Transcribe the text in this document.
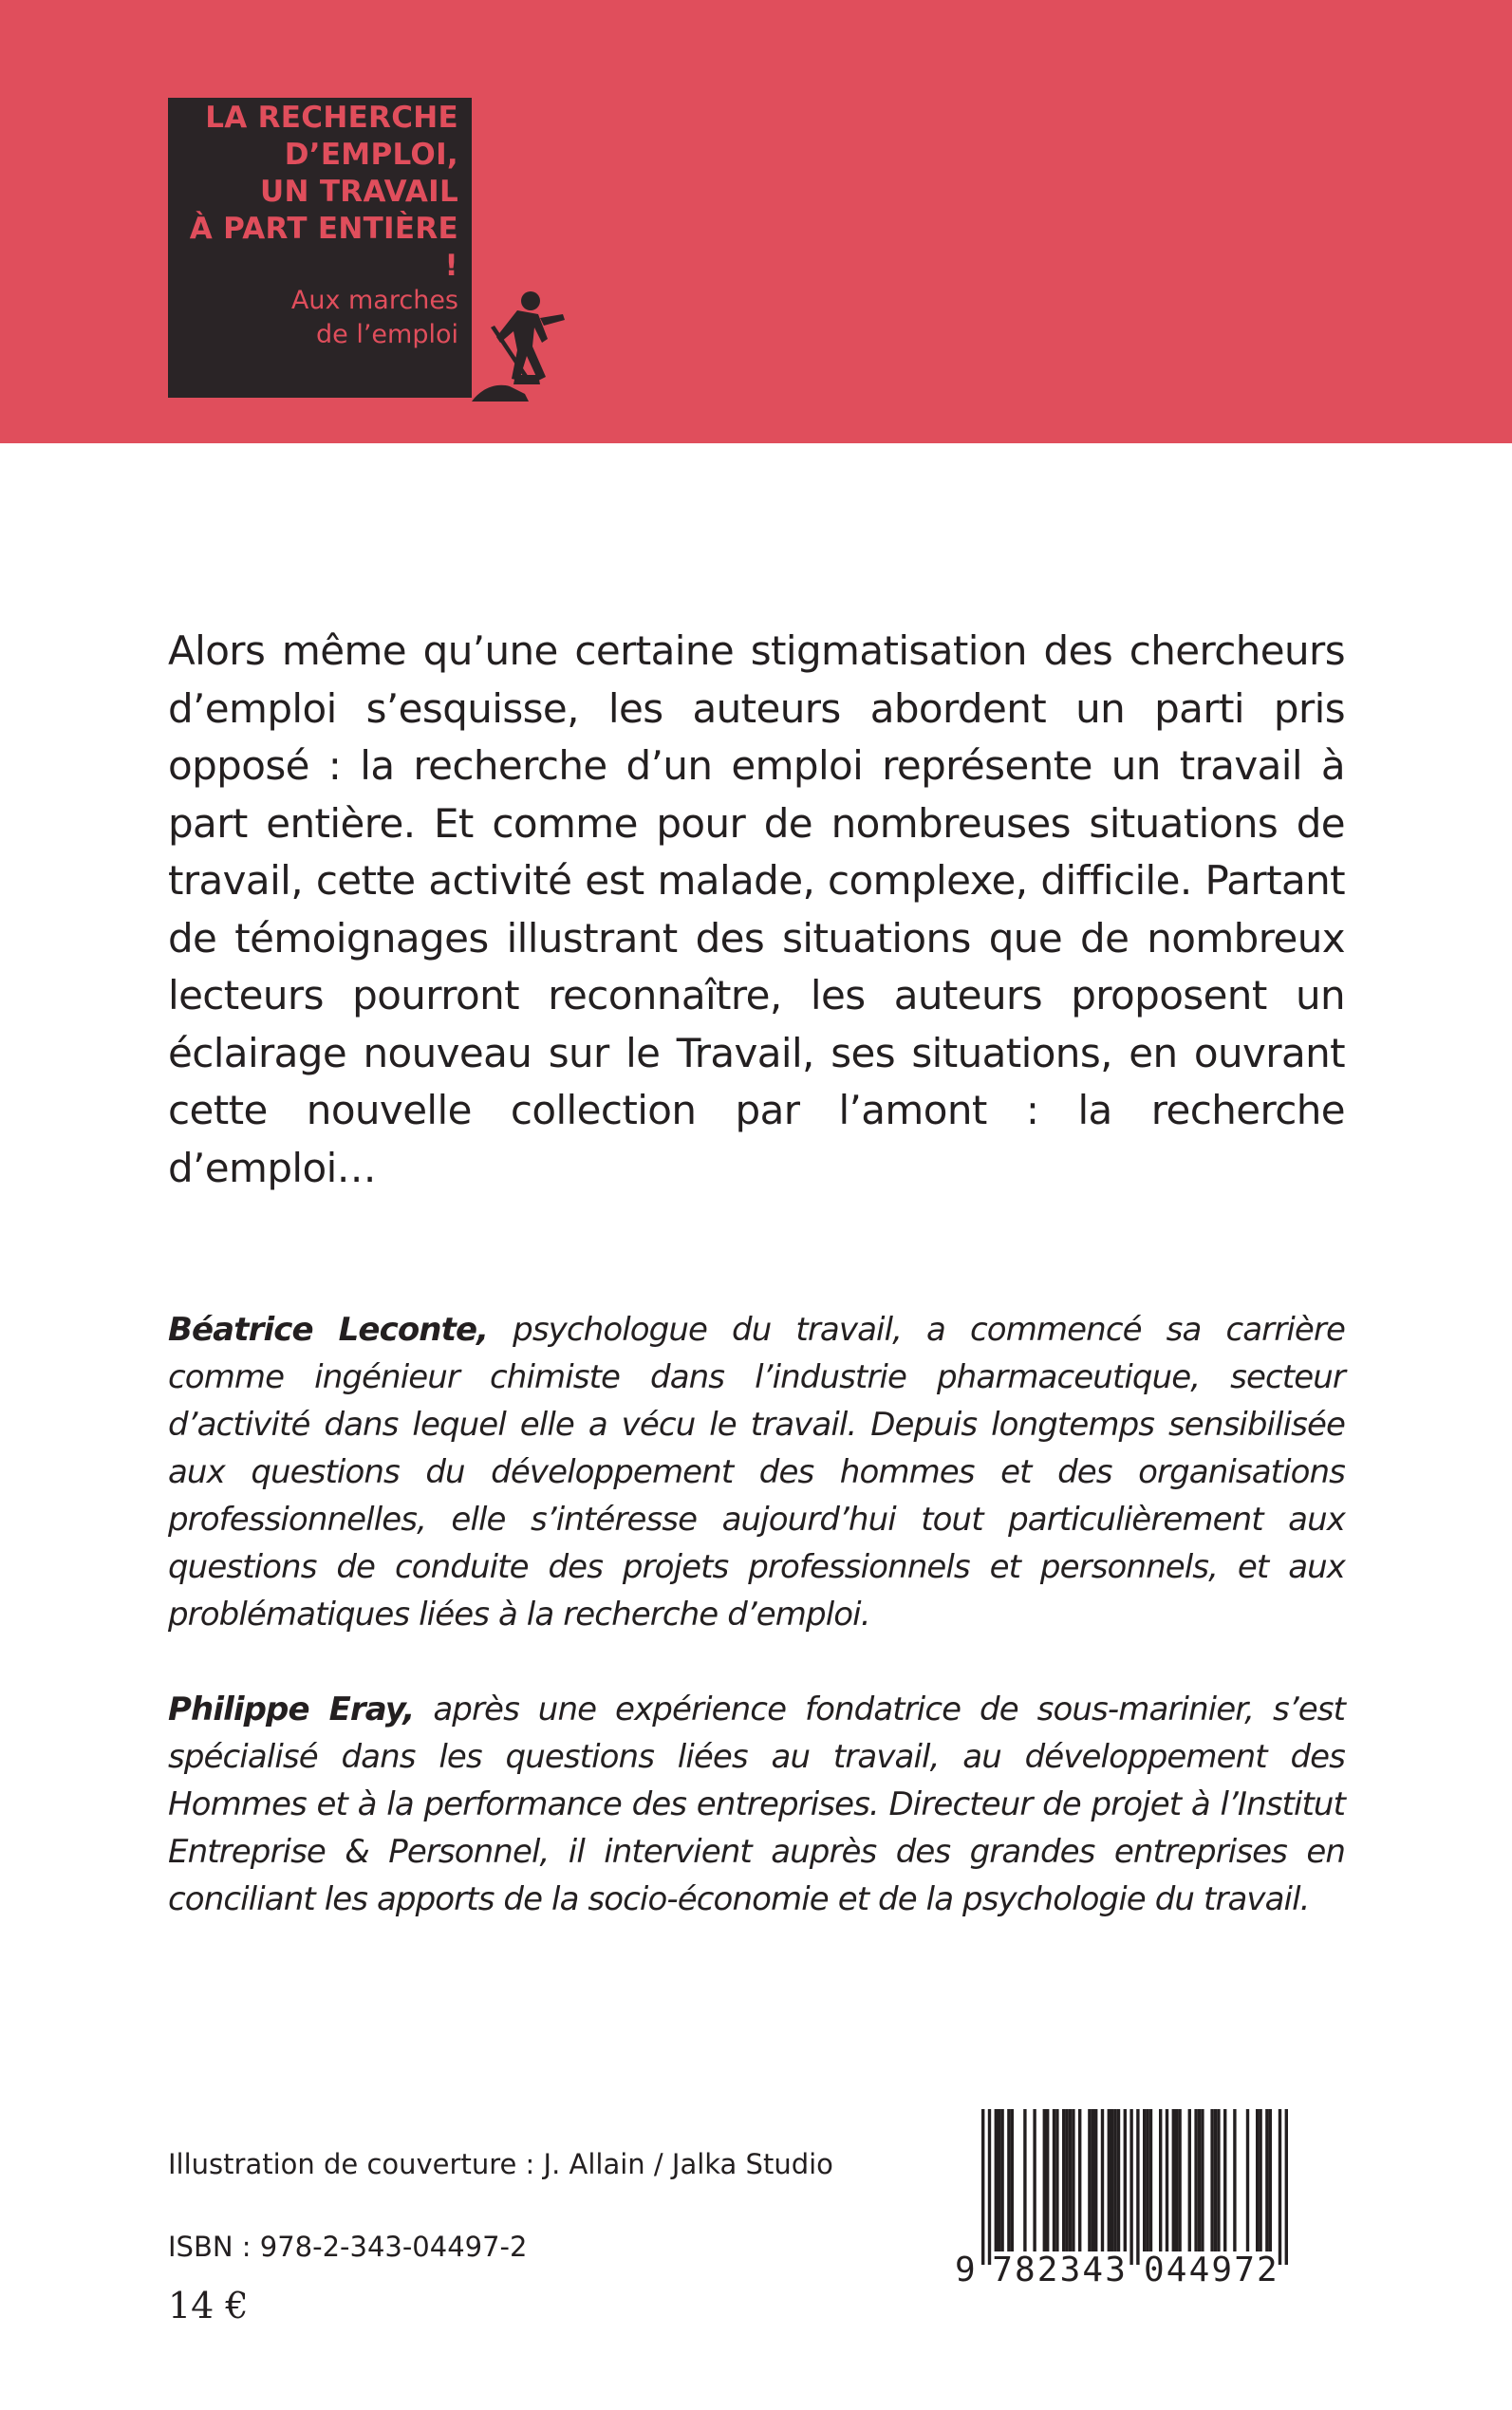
LA RECHERCHE
D’EMPLOI,
UN TRAVAIL
À PART ENTIÈRE !

Aux marches
de l’emploi

Alors même qu’une certaine stigmatisation des chercheurs d’emploi s’esquisse, les auteurs abordent un parti pris opposé : la recherche d’un emploi représente un travail à part entière. Et comme pour de nombreuses situations de travail, cette activité est malade, complexe, difficile. Partant de témoignages illustrant des situations que de nombreux lecteurs pourront reconnaître, les auteurs proposent un éclairage nouveau sur le Travail, ses situations, en ouvrant cette nouvelle collection par l’amont : la recherche d’emploi…

Béatrice Leconte, psychologue du travail, a commencé sa carrière comme ingénieur chimiste dans l’industrie pharmaceutique, secteur d’activité dans lequel elle a vécu le travail. Depuis longtemps sensibilisée aux questions du développement des hommes et des organisations professionnelles, elle s’intéresse aujourd’hui tout particulièrement aux questions de conduite des projets professionnels et personnels, et aux problématiques liées à la recherche d’emploi.

Philippe Eray, après une expérience fondatrice de sous-marinier, s’est spécialisé dans les questions liées au travail, au développement des Hommes et à la performance des entreprises. Directeur de projet à l’Institut Entreprise & Personnel, il intervient auprès des grandes entreprises en conciliant les apports de la socio-économie et de la psychologie du travail.

Illustration de couverture : J. Allain / Jalka Studio

ISBN : 978-2-343-04497-2

14 €

9 7 8 2 3 4 3 0 4 4 9 7 2
